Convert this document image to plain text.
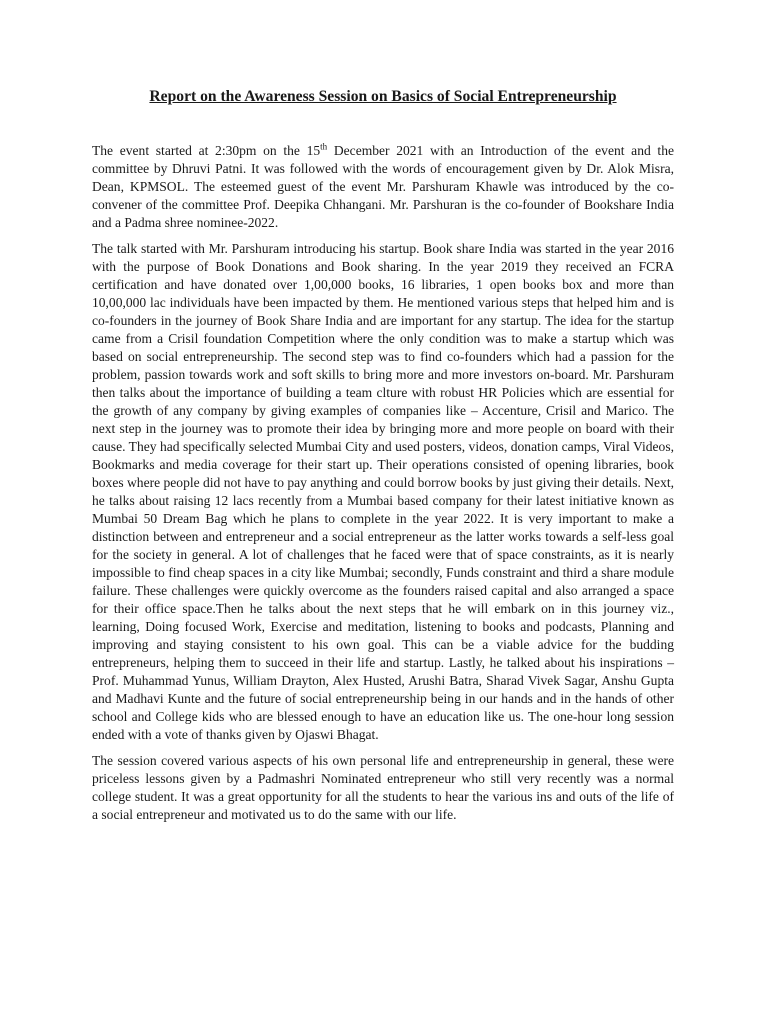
Report on the Awareness Session on Basics of Social Entrepreneurship

The event started at 2:30pm on the 15th December 2021 with an Introduction of the event and the committee by Dhruvi Patni. It was followed with the words of encouragement given by Dr. Alok Misra, Dean, KPMSOL. The esteemed guest of the event Mr. Parshuram Khawle was introduced by the co-convener of the committee Prof. Deepika Chhangani. Mr. Parshuran is the co-founder of Bookshare India and a Padma shree nominee-2022.

The talk started with Mr. Parshuram introducing his startup. Book share India was started in the year 2016 with the purpose of Book Donations and Book sharing. In the year 2019 they received an FCRA certification and have donated over 1,00,000 books, 16 libraries, 1 open books box and more than 10,00,000 lac individuals have been impacted by them. He mentioned various steps that helped him and is co-founders in the journey of Book Share India and are important for any startup. The idea for the startup came from a Crisil foundation Competition where the only condition was to make a startup which was based on social entrepreneurship. The second step was to find co-founders which had a passion for the problem, passion towards work and soft skills to bring more and more investors on-board. Mr. Parshuram then talks about the importance of building a team clture with robust HR Policies which are essential for the growth of any company by giving examples of companies like – Accenture, Crisil and Marico. The next step in the journey was to promote their idea by bringing more and more people on board with their cause. They had specifically selected Mumbai City and used posters, videos, donation camps, Viral Videos, Bookmarks and media coverage for their start up. Their operations consisted of opening libraries, book boxes where people did not have to pay anything and could borrow books by just giving their details. Next, he talks about raising 12 lacs recently from a Mumbai based company for their latest initiative known as Mumbai 50 Dream Bag which he plans to complete in the year 2022. It is very important to make a distinction between and entrepreneur and a social entrepreneur as the latter works towards a self-less goal for the society in general. A lot of challenges that he faced were that of space constraints, as it is nearly impossible to find cheap spaces in a city like Mumbai; secondly, Funds constraint and third a share module failure. These challenges were quickly overcome as the founders raised capital and also arranged a space for their office space.Then he talks about the next steps that he will embark on in this journey viz., learning, Doing focused Work, Exercise and meditation, listening to books and podcasts, Planning and improving and staying consistent to his own goal. This can be a viable advice for the budding entrepreneurs, helping them to succeed in their life and startup. Lastly, he talked about his inspirations – Prof. Muhammad Yunus, William Drayton, Alex Husted, Arushi Batra, Sharad Vivek Sagar, Anshu Gupta and Madhavi Kunte and the future of social entrepreneurship being in our hands and in the hands of other school and College kids who are blessed enough to have an education like us. The one-hour long session ended with a vote of thanks given by Ojaswi Bhagat.

The session covered various aspects of his own personal life and entrepreneurship in general, these were priceless lessons given by a Padmashri Nominated entrepreneur who still very recently was a normal college student. It was a great opportunity for all the students to hear the various ins and outs of the life of a social entrepreneur and motivated us to do the same with our life.
